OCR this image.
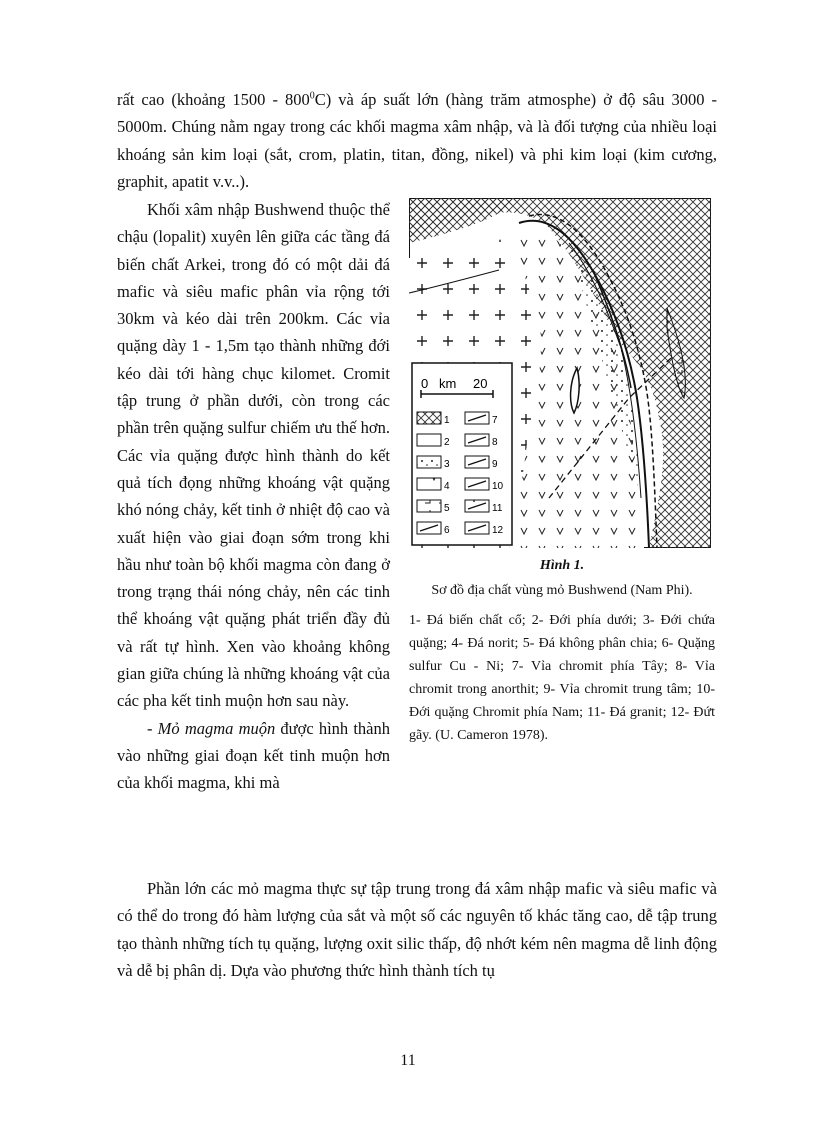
rất cao (khoảng $1500 - 800^0C$) và áp suất lớn (hàng trăm atmosphe) ở độ sâu 3000 - 5000m. Chúng nằm ngay trong các khối magma xâm nhập, và là đối tượng của nhiều loại khoáng sản kim loại (sắt, crom, platin, titan, đồng, nikel) và phi kim loại (kim cương, graphit, apatit v.v..).

Khối xâm nhập Bushwend thuộc thể chậu (lopalit) xuyên lên giữa các tầng đá biến chất Arkei, trong đó có một dải đá mafic và siêu mafic phân vỉa rộng tới 30km và kéo dài trên 200km. Các vỉa quặng dày 1 - 1,5m tạo thành những đới kéo dài tới hàng chục kilomet. Cromit tập trung ở phần dưới, còn trong các phần trên quặng sulfur chiếm ưu thế hơn. Các vỉa quặng được hình thành do kết quả tích đọng những khoáng vật quặng khó nóng chảy, kết tinh ở nhiệt độ cao và xuất hiện vào giai đoạn sớm trong khi hầu như toàn bộ khối magma còn đang ở trong trạng thái nóng chảy, nên các tinh thể khoáng vật quặng phát triển đầy đủ và rất tự hình. Xen vào khoảng không gian giữa chúng là những khoáng vật của các pha kết tinh muộn hơn sau này.

- Mỏ magma muộn được hình thành vào những giai đoạn kết tinh muộn hơn của khối magma, khi mà

0 km 20
1
2
3
4
5
6
7
8
9
10
11
12
Hình 1.
Sơ đồ địa chất vùng mỏ Bushwend (Nam Phi).
1- Đá biến chất cổ; 2- Đới phía dưới; 3- Đới chứa quặng; 4- Đá norit; 5- Đá không phân chia; 6- Quặng sulfur Cu - Ni; 7- Vỉa chromit phía Tây; 8- Vỉa chromit trong anorthit; 9- Vỉa chromit trung tâm; 10- Đới quặng Chromit phía Nam; 11- Đá granit; 12- Đứt gãy. (U. Cameron 1978).

Phần lớn các mỏ magma thực sự tập trung trong đá xâm nhập mafic và siêu mafic và có thể do trong đó hàm lượng của sắt và một số các nguyên tố khác tăng cao, dễ tập trung tạo thành những tích tụ quặng, lượng oxit silic thấp, độ nhớt kém nên magma dễ linh động và dễ bị phân dị. Dựa vào phương thức hình thành tích tụ

11
